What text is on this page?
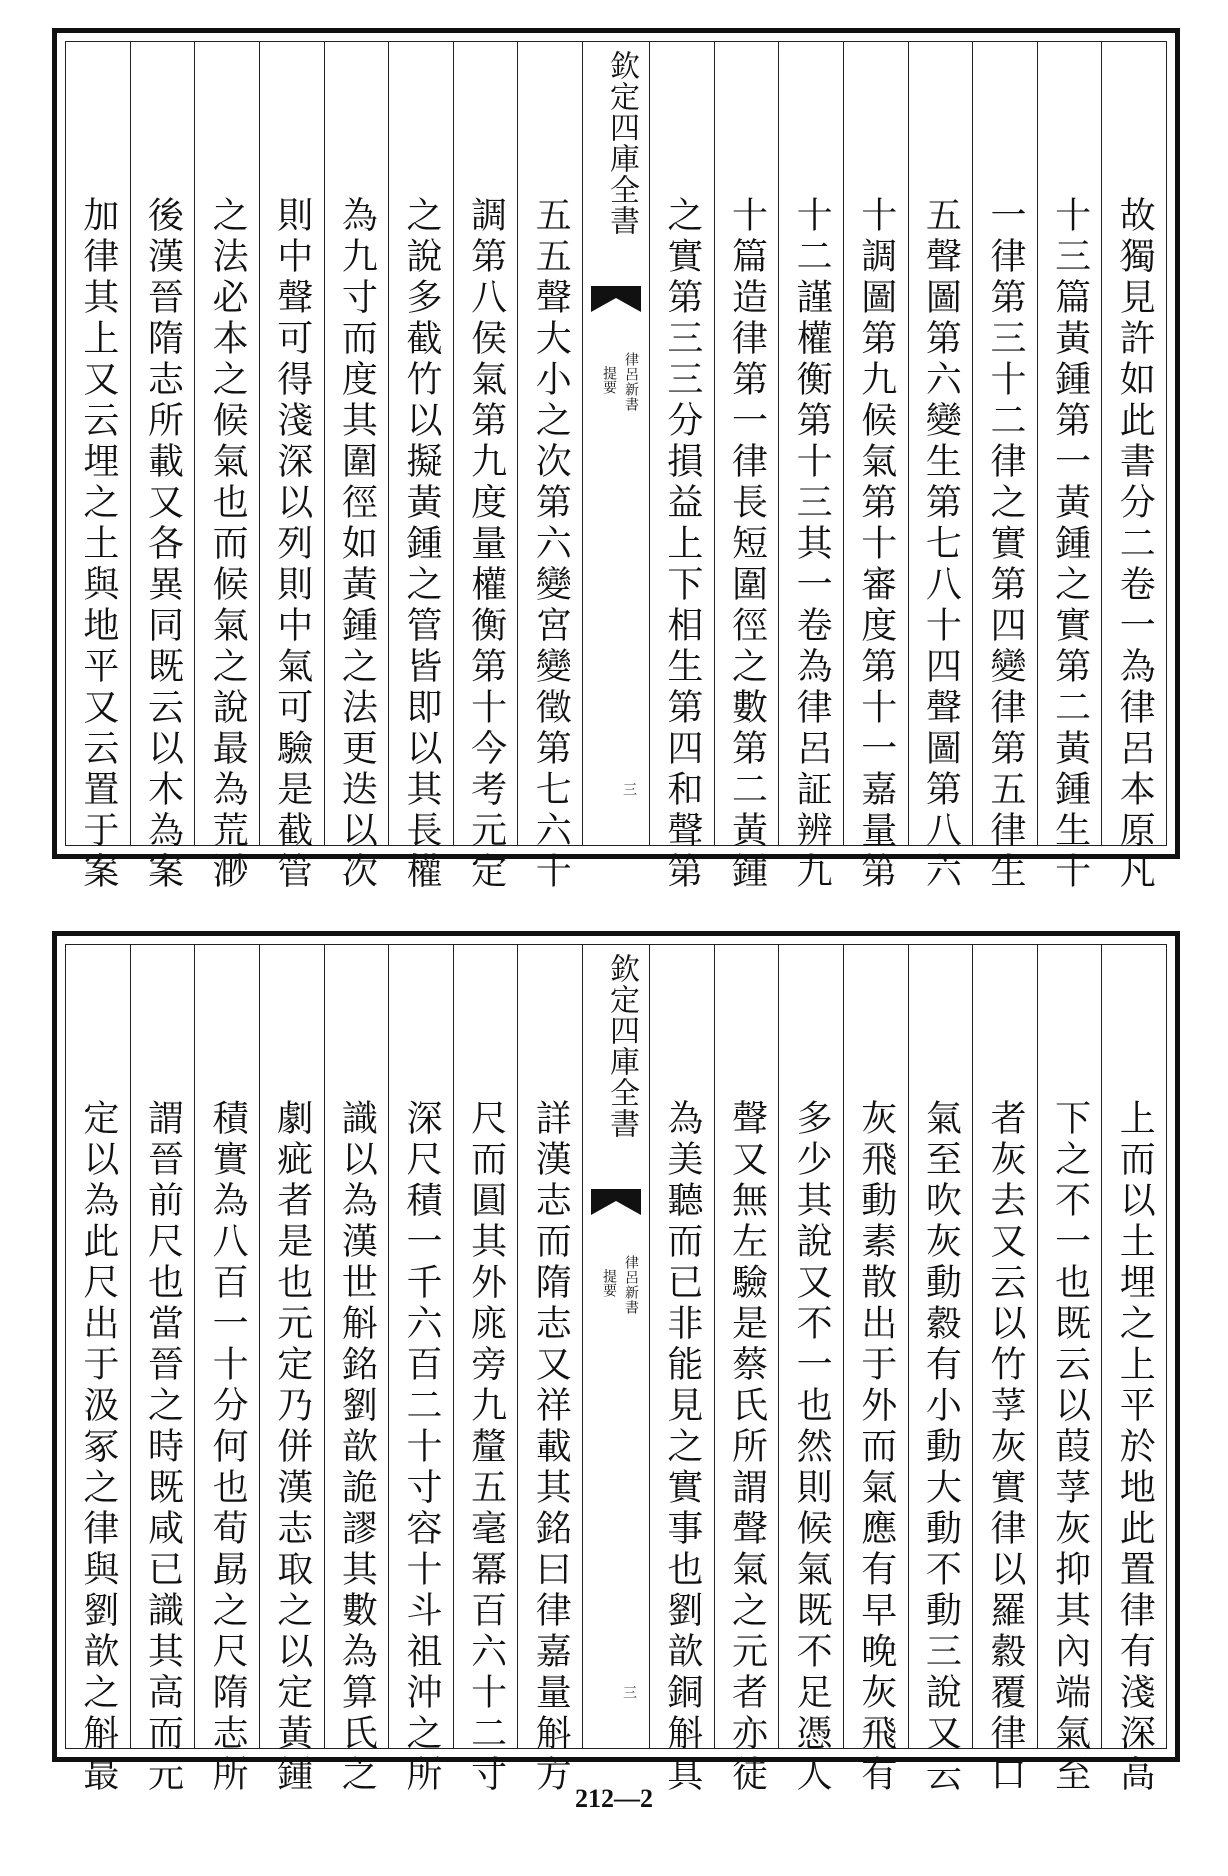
故獨見許如此書分二卷一為律呂本原凡
十三篇黃鍾第一黃鍾之實第二黃鍾生十
一律第三十二律之實第四變律第五律生
五聲圖第六變生第七八十四聲圖第八六
十調圖第九候氣第十審度第十一嘉量第
十二謹權衡第十三其一卷為律呂証辨九
十篇造律第一律長短圍徑之數第二黃鍾
之實第三三分損益上下相生第四和聲第
欽定四庫全書
律呂新書
提要
三
五五聲大小之次第六變宮變徵第七六十
調第八侯氣第九度量權衡第十今考元定
之說多截竹以擬黃鍾之管皆即以其長權
為九寸而度其圍徑如黃鍾之法更迭以次
則中聲可得淺深以列則中氣可驗是截管
之法必本之候氣也而候氣之說最為荒渺
後漢晉隋志所載又各異同既云以木為案
加律其上又云埋之土與地平又云置于案
上而以土埋之上平於地此置律有淺深高
下之不一也既云以葭莩灰抑其內端氣至
者灰去又云以竹莩灰實律以羅縠覆律口
氣至吹灰動縠有小動大動不動三說又云
灰飛動素散出于外而氣應有早晚灰飛有
多少其說又不一也然則候氣既不足憑人
聲又無左驗是蔡氏所謂聲氣之元者亦徒
為美聽而已非能見之實事也劉歆銅斛具
欽定四庫全書
律呂新書
提要
三
詳漢志而隋志又祥載其銘曰律嘉量斛方
尺而圓其外庣旁九釐五毫冪百六十二寸
深尺積一千六百二十寸容十斗祖沖之所
識以為漢世斛銘劉歆詭謬其數為算氏之
劇疵者是也元定乃併漢志取之以定黃鍾
積實為八百一十分何也荀勗之尺隋志所
謂晉前尺也當晉之時既咸已識其高而元
定以為此尺出于汲冢之律與劉歆之斛最
212—2
